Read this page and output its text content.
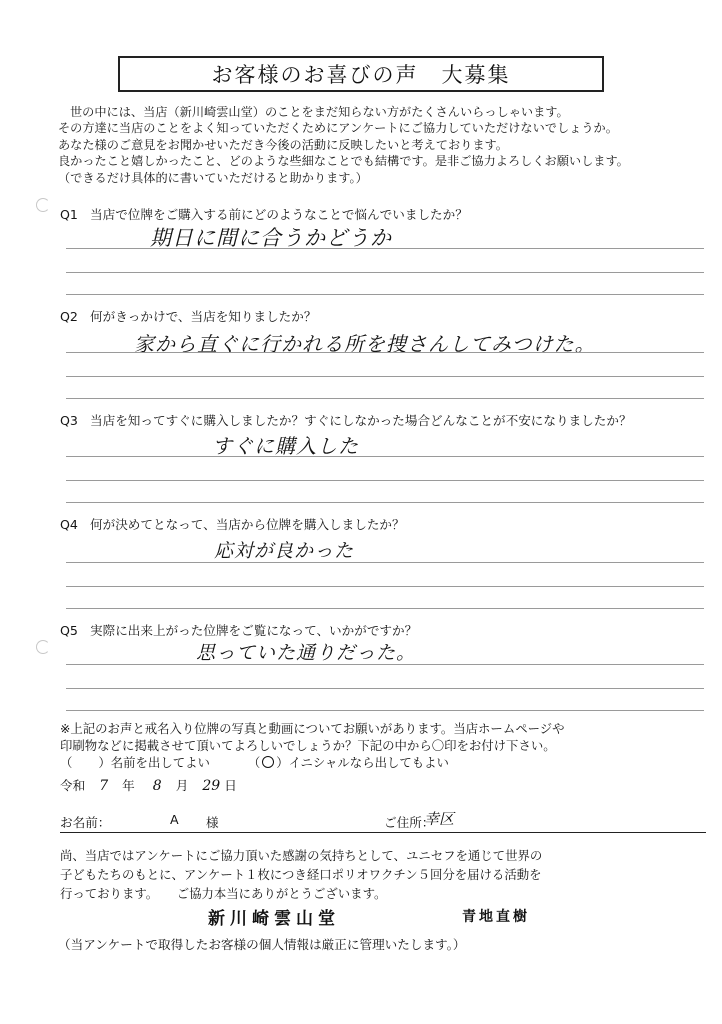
お客様のお喜びの声　大募集
世の中には、当店（新川崎雲山堂）のことをまだ知らない方がたくさんいらっしゃいます。
その方達に当店のことをよく知っていただくためにアンケートにご協力していただけないでしょうか。
あなた様のご意見をお聞かせいただき今後の活動に反映したいと考えております。
良かったこと嬉しかったこと、どのような些細なことでも結構です。是非ご協力よろしくお願いします。
（できるだけ具体的に書いていただけると助かります。）
Q1 当店で位牌をご購入する前にどのようなことで悩んでいましたか？
期日に間に合うかどうか
Q2 何がきっかけで、当店を知りましたか？
家から直ぐに行かれる所を捜さんしてみつけた。
Q3 当店を知ってすぐに購入しましたか？すぐにしなかった場合どんなことが不安になりましたか？
すぐに購入した
Q4 何が決めてとなって、当店から位牌を購入しましたか？
応対が良かった
Q5 実際に出来上がった位牌をご覧になって、いかがですか？
思っていた通りだった。
※上記のお声と戒名入り位牌の写真と動画についてお願いがあります。当店ホームページや
印刷物などに掲載させて頂いてよろしいでしょうか？下記の中から〇印をお付け下さい。
（ ）名前を出してよい	（ ○ ）イニシャルなら出してもよい
令和 7 年 8 月 29 日
お名前：	A 様	ご住所：
幸区
尚、当店ではアンケートにご協力頂いた感謝の気持ちとして、ユニセフを通じて世界の
子どもたちのもとに、アンケート１枚につき経口ポリオワクチン５回分を届ける活動を
行っております。　　ご協力本当にありがとうございます。
新川崎雲山堂	青地直樹
（当アンケートで取得したお客様の個人情報は厳正に管理いたします。）
